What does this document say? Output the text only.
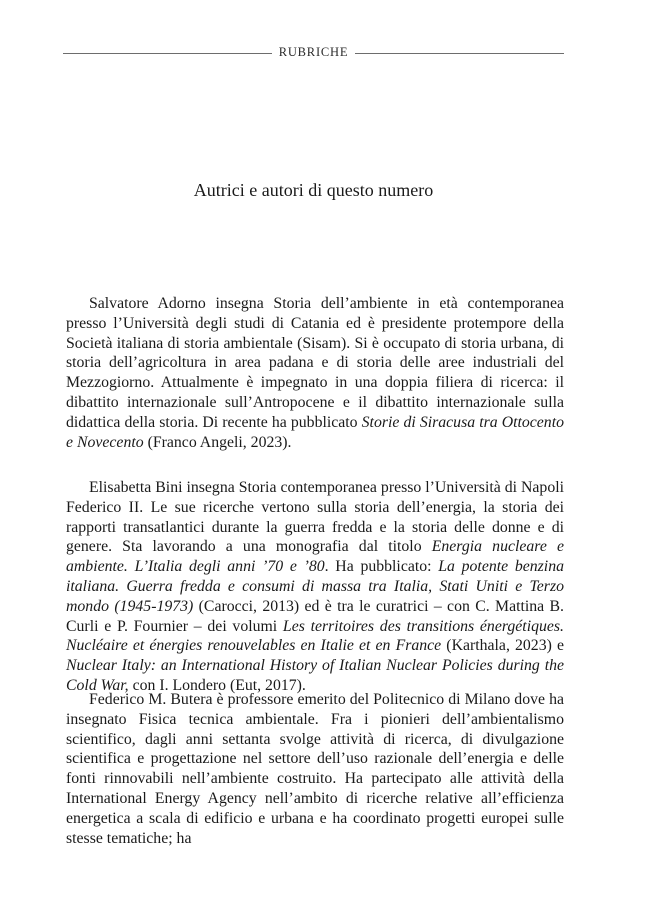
RUBRICHE
Autrici e autori di questo numero

Salvatore Adorno insegna Storia dell’ambiente in età contemporanea presso l’Università degli studi di Catania ed è presidente protempore della Società italiana di storia ambientale (Sisam). Si è occupato di storia urbana, di storia dell’agricoltura in area padana e di storia delle aree industriali del Mezzogiorno. Attualmente è impegnato in una doppia filiera di ricerca: il dibattito internazionale sull’Antropocene e il dibattito internazionale sulla didattica della storia. Di recente ha pubblicato Storie di Siracusa tra Ottocento e Novecento (Franco Angeli, 2023).

Elisabetta Bini insegna Storia contemporanea presso l’Università di Napoli Federico II. Le sue ricerche vertono sulla storia dell’energia, la storia dei rapporti transatlantici durante la guerra fredda e la storia delle donne e di genere. Sta lavorando a una monografia dal titolo Energia nucleare e ambiente. L’Italia degli anni ’70 e ’80. Ha pubblicato: La potente benzina italiana. Guerra fredda e consumi di massa tra Italia, Stati Uniti e Terzo mondo (1945-1973) (Carocci, 2013) ed è tra le curatrici – con C. Mattina B. Curli e P. Fournier – dei volumi Les territoires des transitions énergétiques. Nucléaire et énergies renouvelables en Italie et en France (Karthala, 2023) e Nuclear Italy: an International History of Italian Nuclear Policies during the Cold War, con I. Londero (Eut, 2017).

Federico M. Butera è professore emerito del Politecnico di Milano dove ha insegnato Fisica tecnica ambientale. Fra i pionieri dell’ambientalismo scientifico, dagli anni settanta svolge attività di ricerca, di divulgazione scientifica e progettazione nel settore dell’uso razionale dell’energia e delle fonti rinnovabili nell’ambiente costruito. Ha partecipato alle attività della International Energy Agency nell’ambito di ricerche relative all’efficienza energetica a scala di edificio e urbana e ha coordinato progetti europei sulle stesse tematiche; ha
